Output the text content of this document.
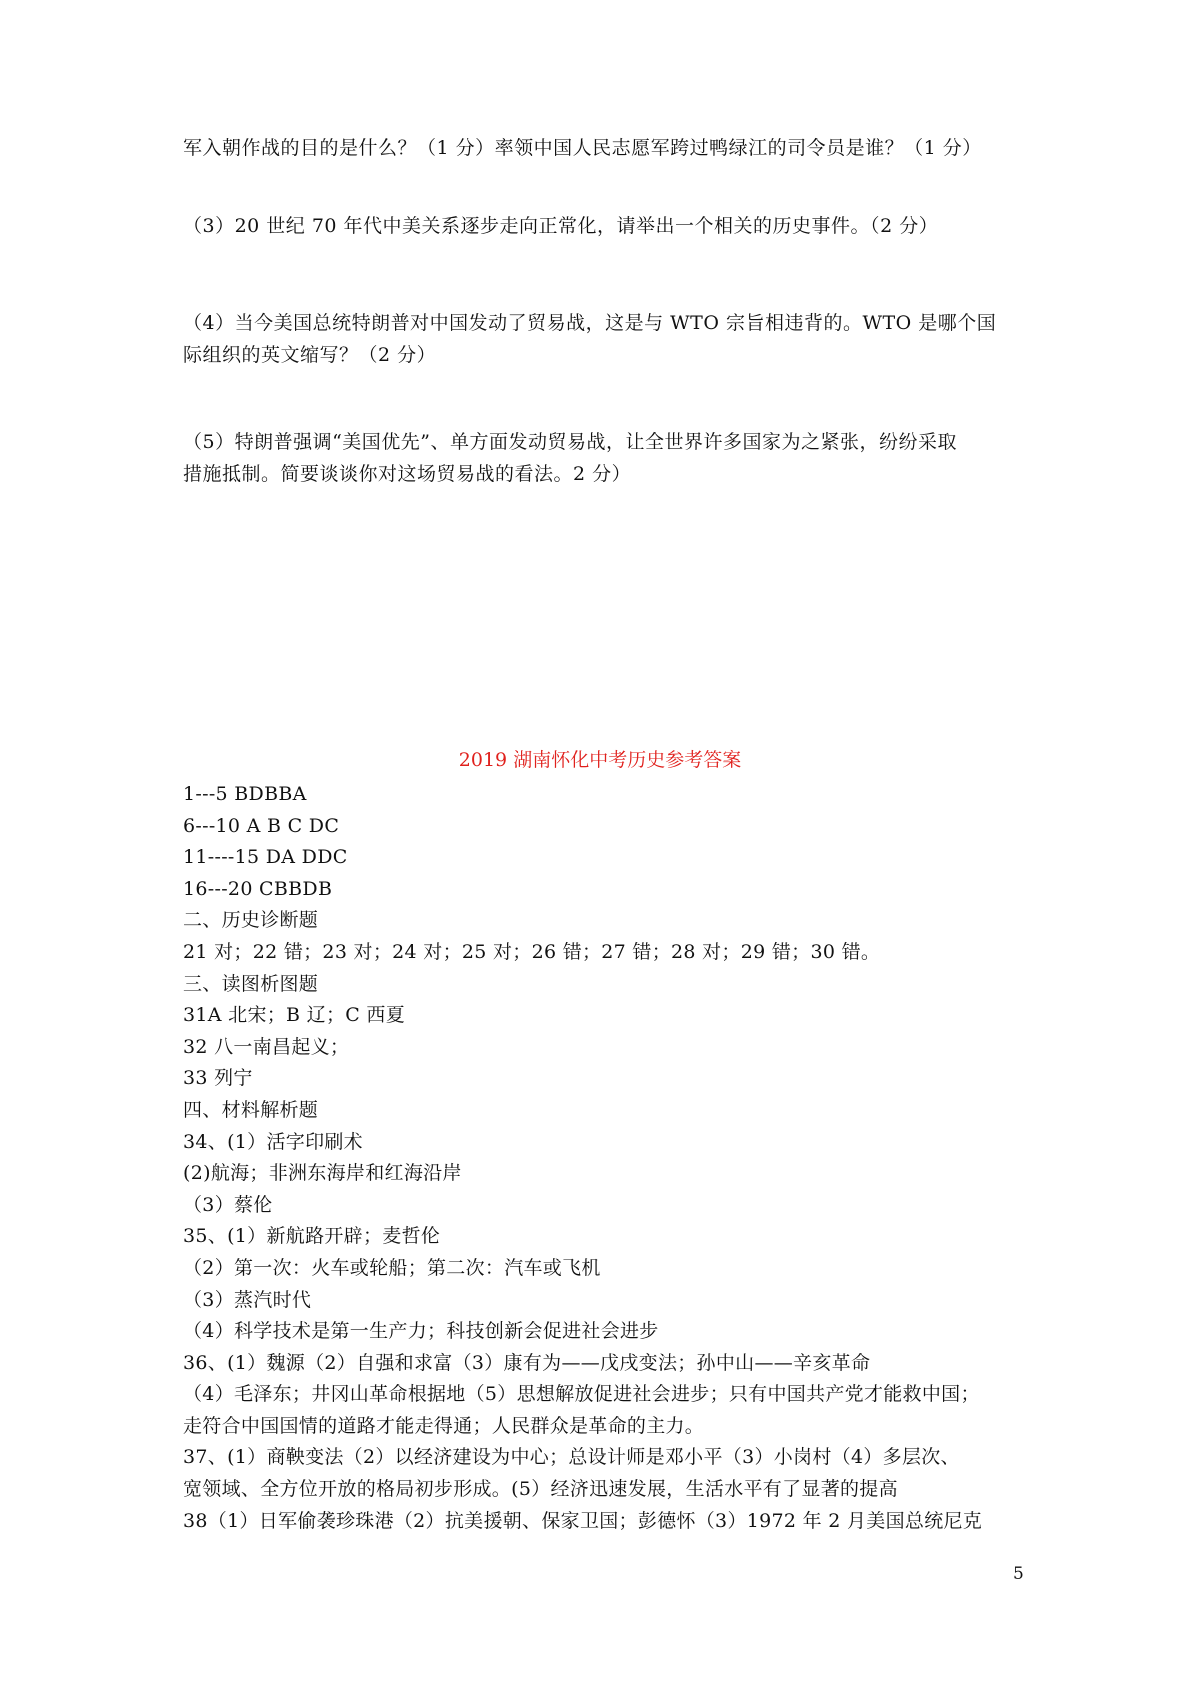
军入朝作战的目的是什么？（1 分）率领中国人民志愿军跨过鸭绿江的司令员是谁？（1 分）
（3）20 世纪 70 年代中美关系逐步走向正常化，请举出一个相关的历史事件。（2 分）
（4）当今美国总统特朗普对中国发动了贸易战，这是与 WTO 宗旨相违背的。WTO 是哪个国
际组织的英文缩写？（2 分）
（5）特朗普强调“美国优先”、单方面发动贸易战，让全世界许多国家为之紧张，纷纷采取
措施抵制。简要谈谈你对这场贸易战的看法。2 分）
2019 湖南怀化中考历史参考答案
1---5 BDBBA
6---10 A B C DC
11----15 DA DDC
16---20 CBBDB
二、历史诊断题
21 对；22 错；23 对；24 对；25 对；26 错；27 错；28 对；29 错；30 错。
三、读图析图题
31A 北宋；B 辽；C 西夏
32 八一南昌起义；
33 列宁
四、材料解析题
34、(1）活字印刷术
(2)航海；非洲东海岸和红海沿岸
（3）蔡伦
35、(1）新航路开辟；麦哲伦
（2）第一次：火车或轮船；第二次：汽车或飞机
（3）蒸汽时代
（4）科学技术是第一生产力；科技创新会促进社会进步
36、(1）魏源（2）自强和求富（3）康有为——戊戌变法；孙中山——辛亥革命
（4）毛泽东；井冈山革命根据地（5）思想解放促进社会进步；只有中国共产党才能救中国；
走符合中国国情的道路才能走得通；人民群众是革命的主力。
37、(1）商鞅变法（2）以经济建设为中心；总设计师是邓小平（3）小岗村（4）多层次、
宽领域、全方位开放的格局初步形成。(5）经济迅速发展，生活水平有了显著的提高
38（1）日军偷袭珍珠港（2）抗美援朝、保家卫国；彭德怀（3）1972 年 2 月美国总统尼克
5
